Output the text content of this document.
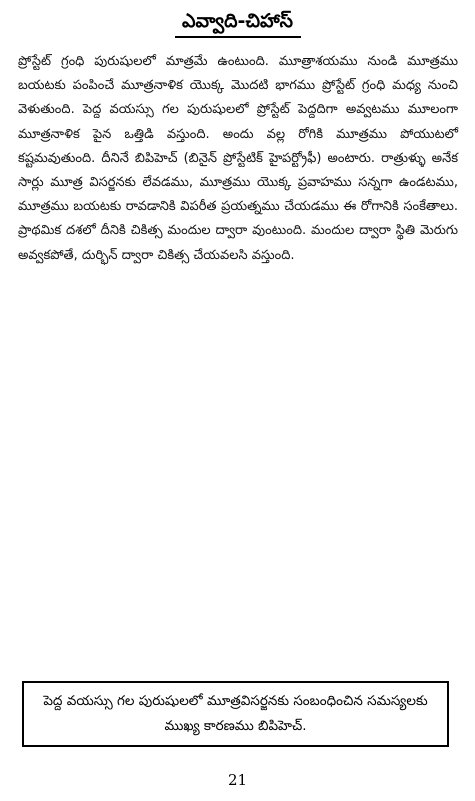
ఎవ్వాది-చిహాస్

ప్రోస్టేట్ గ్రంధి పురుషులలో మాత్రమే ఉంటుంది. మూత్రాశయము నుండి మూత్రము బయటకు పంపించే మూత్రనాళిక యొక్క మొదటి భాగము ప్రోస్టేట్ గ్రంధి మధ్య నుంచి వెళుతుంది. పెద్ద వయస్సు గల పురుషులలో ప్రోస్టేట్ పెద్దదిగా అవ్వటము మూలంగా మూత్రనాళిక పైన ఒత్తిడి వస్తుంది. అందు వల్ల రోగికి మూత్రము పోయుటలో కష్టమవుతుంది. దీనినే బిపిహెచ్ (బినైన్ ప్రోస్టేటిక్ హైపర్ట్రోఫీ) అంటారు. రాత్రుళ్ళు అనేక సార్లు మూత్ర విసర్జనకు లేవడము, మూత్రము యొక్క ప్రవాహము సన్నగా ఉండటము, మూత్రము బయటకు రావడానికి విపరీత ప్రయత్నము చేయడము ఈ రోగానికి సంకేతాలు. ప్రాథమిక దశలో దీనికి చికిత్స మందుల ద్వారా వుంటుంది. మందుల ద్వారా స్థితి మెరుగు అవ్వకపోతే, దుర్భిన్ ద్వారా చికిత్స చేయవలసి వస్తుంది.

పెద్ద వయస్సు గల పురుషులలో మూత్రవిసర్జనకు సంబంధించిన సమస్యలకు ముఖ్య కారణము బిపిహెచ్.

21
